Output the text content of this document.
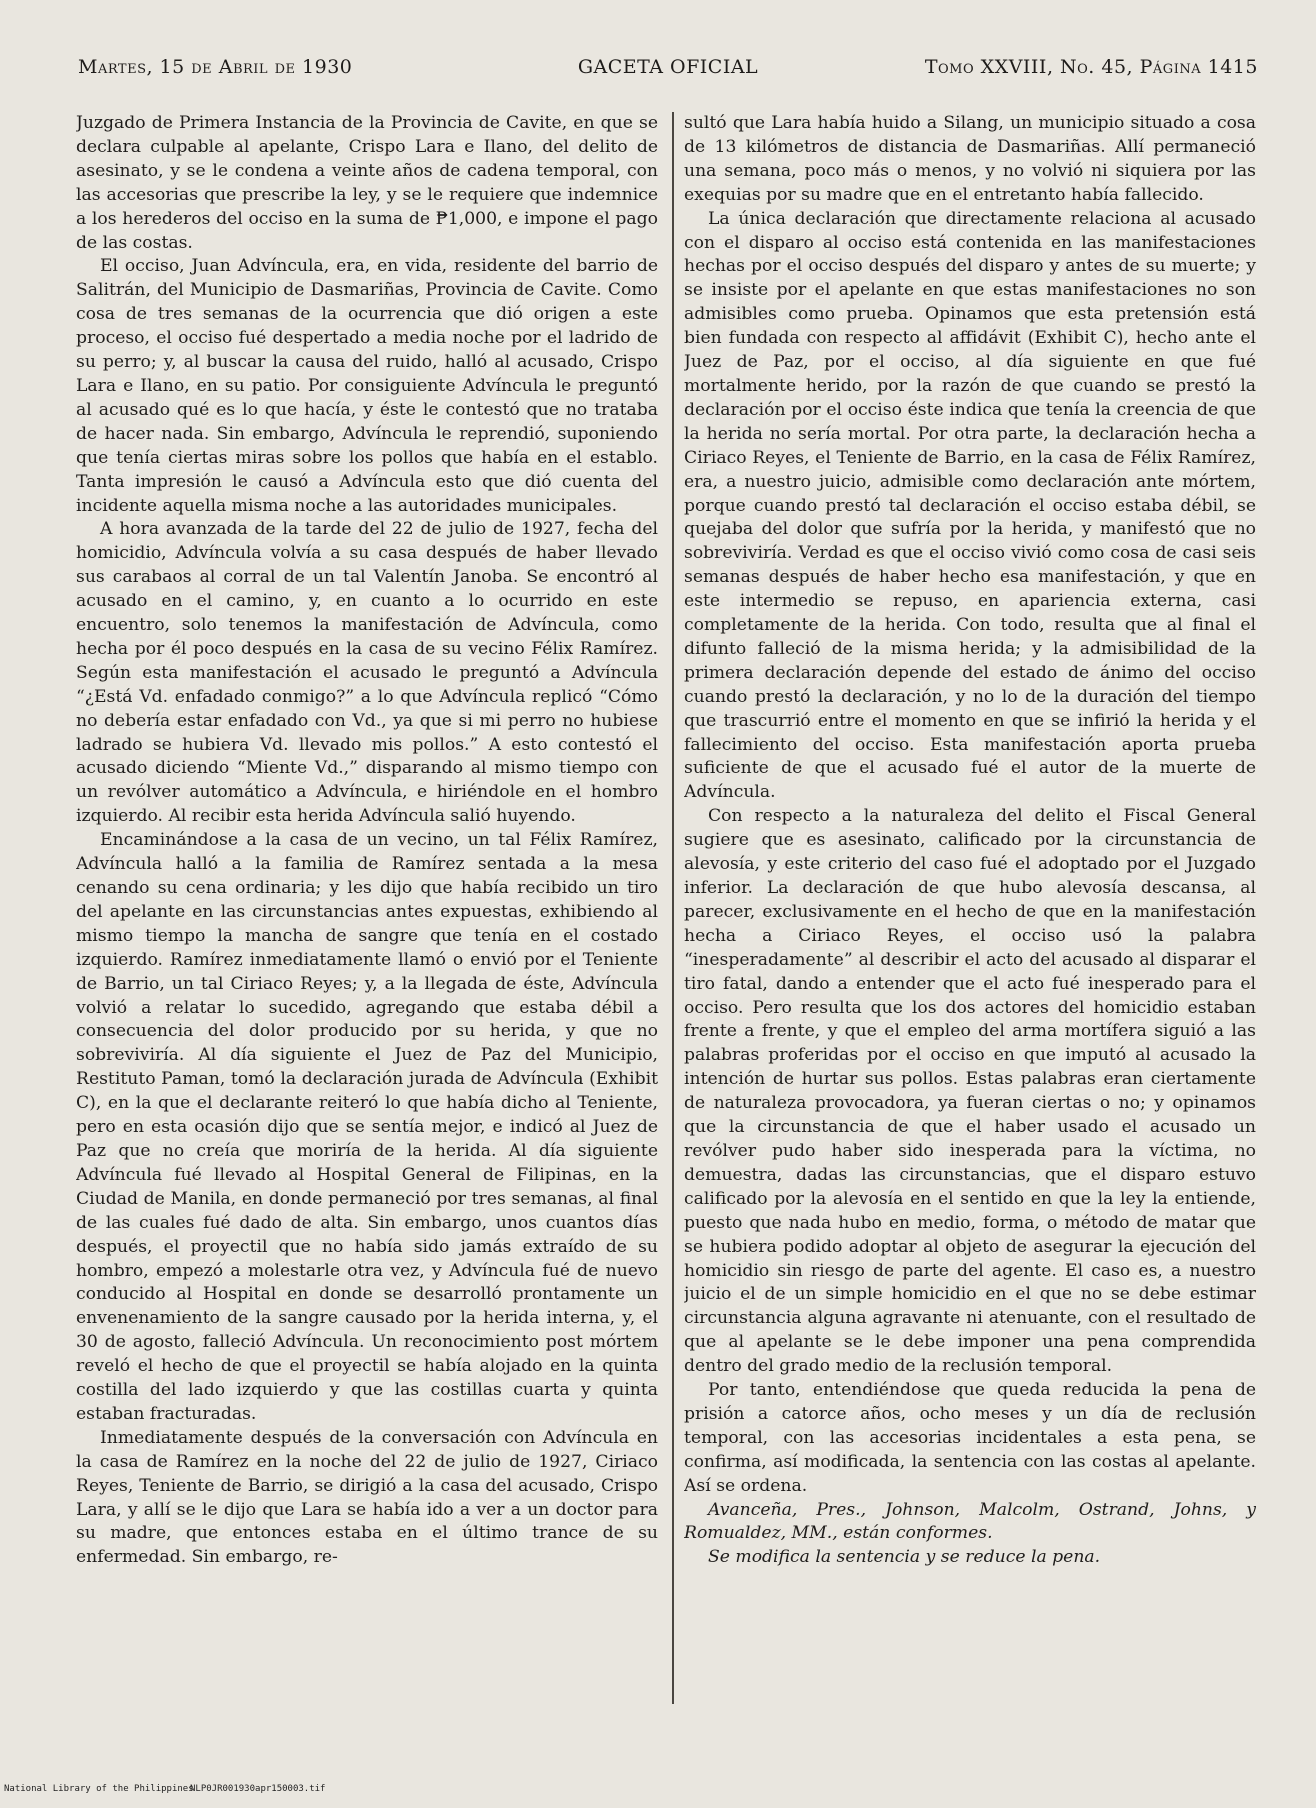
Martes, 15 de Abril de 1930	GACETA OFICIAL	Tomo XXVIII, No. 45, Página 1415

Juzgado de Primera Instancia de la Provincia de Cavite, en que se declara culpable al apelante, Crispo Lara e Ilano, del delito de asesinato, y se le condena a veinte años de cadena temporal, con las accesorias que prescribe la ley, y se le requiere que indemnice a los herederos del occiso en la suma de ₱1,000, e impone el pago de las costas.

El occiso, Juan Advíncula, era, en vida, residente del barrio de Salitrán, del Municipio de Dasmariñas, Provincia de Cavite. Como cosa de tres semanas de la ocurrencia que dió origen a este proceso, el occiso fué despertado a media noche por el ladrido de su perro; y, al buscar la causa del ruido, halló al acusado, Crispo Lara e Ilano, en su patio. Por consiguiente Advíncula le preguntó al acusado qué es lo que hacía, y éste le contestó que no trataba de hacer nada. Sin embargo, Advíncula le reprendió, suponiendo que tenía ciertas miras sobre los pollos que había en el establo. Tanta impresión le causó a Advíncula esto que dió cuenta del incidente aquella misma noche a las autoridades municipales.

A hora avanzada de la tarde del 22 de julio de 1927, fecha del homicidio, Advíncula volvía a su casa después de haber llevado sus carabaos al corral de un tal Valentín Janoba. Se encontró al acusado en el camino, y, en cuanto a lo ocurrido en este encuentro, solo tenemos la manifestación de Advíncula, como hecha por él poco después en la casa de su vecino Félix Ramírez. Según esta manifestación el acusado le preguntó a Advíncula “¿Está Vd. enfadado conmigo?” a lo que Advíncula replicó “Cómo no debería estar enfadado con Vd., ya que si mi perro no hubiese ladrado se hubiera Vd. llevado mis pollos.” A esto contestó el acusado diciendo “Miente Vd.,” disparando al mismo tiempo con un revólver automático a Advíncula, e hiriéndole en el hombro izquierdo. Al recibir esta herida Advíncula salió huyendo.

Encaminándose a la casa de un vecino, un tal Félix Ramírez, Advíncula halló a la familia de Ramírez sentada a la mesa cenando su cena ordinaria; y les dijo que había recibido un tiro del apelante en las circunstancias antes expuestas, exhibiendo al mismo tiempo la mancha de sangre que tenía en el costado izquierdo. Ramírez inmediatamente llamó o envió por el Teniente de Barrio, un tal Ciriaco Reyes; y, a la llegada de éste, Advíncula volvió a relatar lo sucedido, agregando que estaba débil a consecuencia del dolor producido por su herida, y que no sobreviviría. Al día siguiente el Juez de Paz del Municipio, Restituto Paman, tomó la declaración jurada de Advíncula (Exhibit C), en la que el declarante reiteró lo que había dicho al Teniente, pero en esta ocasión dijo que se sentía mejor, e indicó al Juez de Paz que no creía que moriría de la herida. Al día siguiente Advíncula fué llevado al Hospital General de Filipinas, en la Ciudad de Manila, en donde permaneció por tres semanas, al final de las cuales fué dado de alta. Sin embargo, unos cuantos días después, el proyectil que no había sido jamás extraído de su hombro, empezó a molestarle otra vez, y Advíncula fué de nuevo conducido al Hospital en donde se desarrolló prontamente un envenenamiento de la sangre causado por la herida interna, y, el 30 de agosto, falleció Advíncula. Un reconocimiento post mórtem reveló el hecho de que el proyectil se había alojado en la quinta costilla del lado izquierdo y que las costillas cuarta y quinta estaban fracturadas.

Inmediatamente después de la conversación con Advíncula en la casa de Ramírez en la noche del 22 de julio de 1927, Ciriaco Reyes, Teniente de Barrio, se dirigió a la casa del acusado, Crispo Lara, y allí se le dijo que Lara se había ido a ver a un doctor para su madre, que entonces estaba en el último trance de su enfermedad. Sin embargo, re-

sultó que Lara había huido a Silang, un municipio situado a cosa de 13 kilómetros de distancia de Dasmariñas. Allí permaneció una semana, poco más o menos, y no volvió ni siquiera por las exequias por su madre que en el entretanto había fallecido.

La única declaración que directamente relaciona al acusado con el disparo al occiso está contenida en las manifestaciones hechas por el occiso después del disparo y antes de su muerte; y se insiste por el apelante en que estas manifestaciones no son admisibles como prueba. Opinamos que esta pretensión está bien fundada con respecto al affidávit (Exhibit C), hecho ante el Juez de Paz, por el occiso, al día siguiente en que fué mortalmente herido, por la razón de que cuando se prestó la declaración por el occiso éste indica que tenía la creencia de que la herida no sería mortal. Por otra parte, la declaración hecha a Ciriaco Reyes, el Teniente de Barrio, en la casa de Félix Ramírez, era, a nuestro juicio, admisible como declaración ante mórtem, porque cuando prestó tal declaración el occiso estaba débil, se quejaba del dolor que sufría por la herida, y manifestó que no sobreviviría. Verdad es que el occiso vivió como cosa de casi seis semanas después de haber hecho esa manifestación, y que en este intermedio se repuso, en apariencia externa, casi completamente de la herida. Con todo, resulta que al final el difunto falleció de la misma herida; y la admisibilidad de la primera declaración depende del estado de ánimo del occiso cuando prestó la declaración, y no lo de la duración del tiempo que trascurrió entre el momento en que se infirió la herida y el fallecimiento del occiso. Esta manifestación aporta prueba suficiente de que el acusado fué el autor de la muerte de Advíncula.

Con respecto a la naturaleza del delito el Fiscal General sugiere que es asesinato, calificado por la circunstancia de alevosía, y este criterio del caso fué el adoptado por el Juzgado inferior. La declaración de que hubo alevosía descansa, al parecer, exclusivamente en el hecho de que en la manifestación hecha a Ciriaco Reyes, el occiso usó la palabra “inesperadamente” al describir el acto del acusado al disparar el tiro fatal, dando a entender que el acto fué inesperado para el occiso. Pero resulta que los dos actores del homicidio estaban frente a frente, y que el empleo del arma mortífera siguió a las palabras proferidas por el occiso en que imputó al acusado la intención de hurtar sus pollos. Estas palabras eran ciertamente de naturaleza provocadora, ya fueran ciertas o no; y opinamos que la circunstancia de que el haber usado el acusado un revólver pudo haber sido inesperada para la víctima, no demuestra, dadas las circunstancias, que el disparo estuvo calificado por la alevosía en el sentido en que la ley la entiende, puesto que nada hubo en medio, forma, o método de matar que se hubiera podido adoptar al objeto de asegurar la ejecución del homicidio sin riesgo de parte del agente. El caso es, a nuestro juicio el de un simple homicidio en el que no se debe estimar circunstancia alguna agravante ni atenuante, con el resultado de que al apelante se le debe imponer una pena comprendida dentro del grado medio de la reclusión temporal.

Por tanto, entendiéndose que queda reducida la pena de prisión a catorce años, ocho meses y un día de reclusión temporal, con las accesorias incidentales a esta pena, se confirma, así modificada, la sentencia con las costas al apelante. Así se ordena.

Avanceña, Pres., Johnson, Malcolm, Ostrand, Johns, y Romualdez, MM., están conformes.

Se modifica la sentencia y se reduce la pena.

National Library of the Philippines
NLP0JR001930apr150003.tif
